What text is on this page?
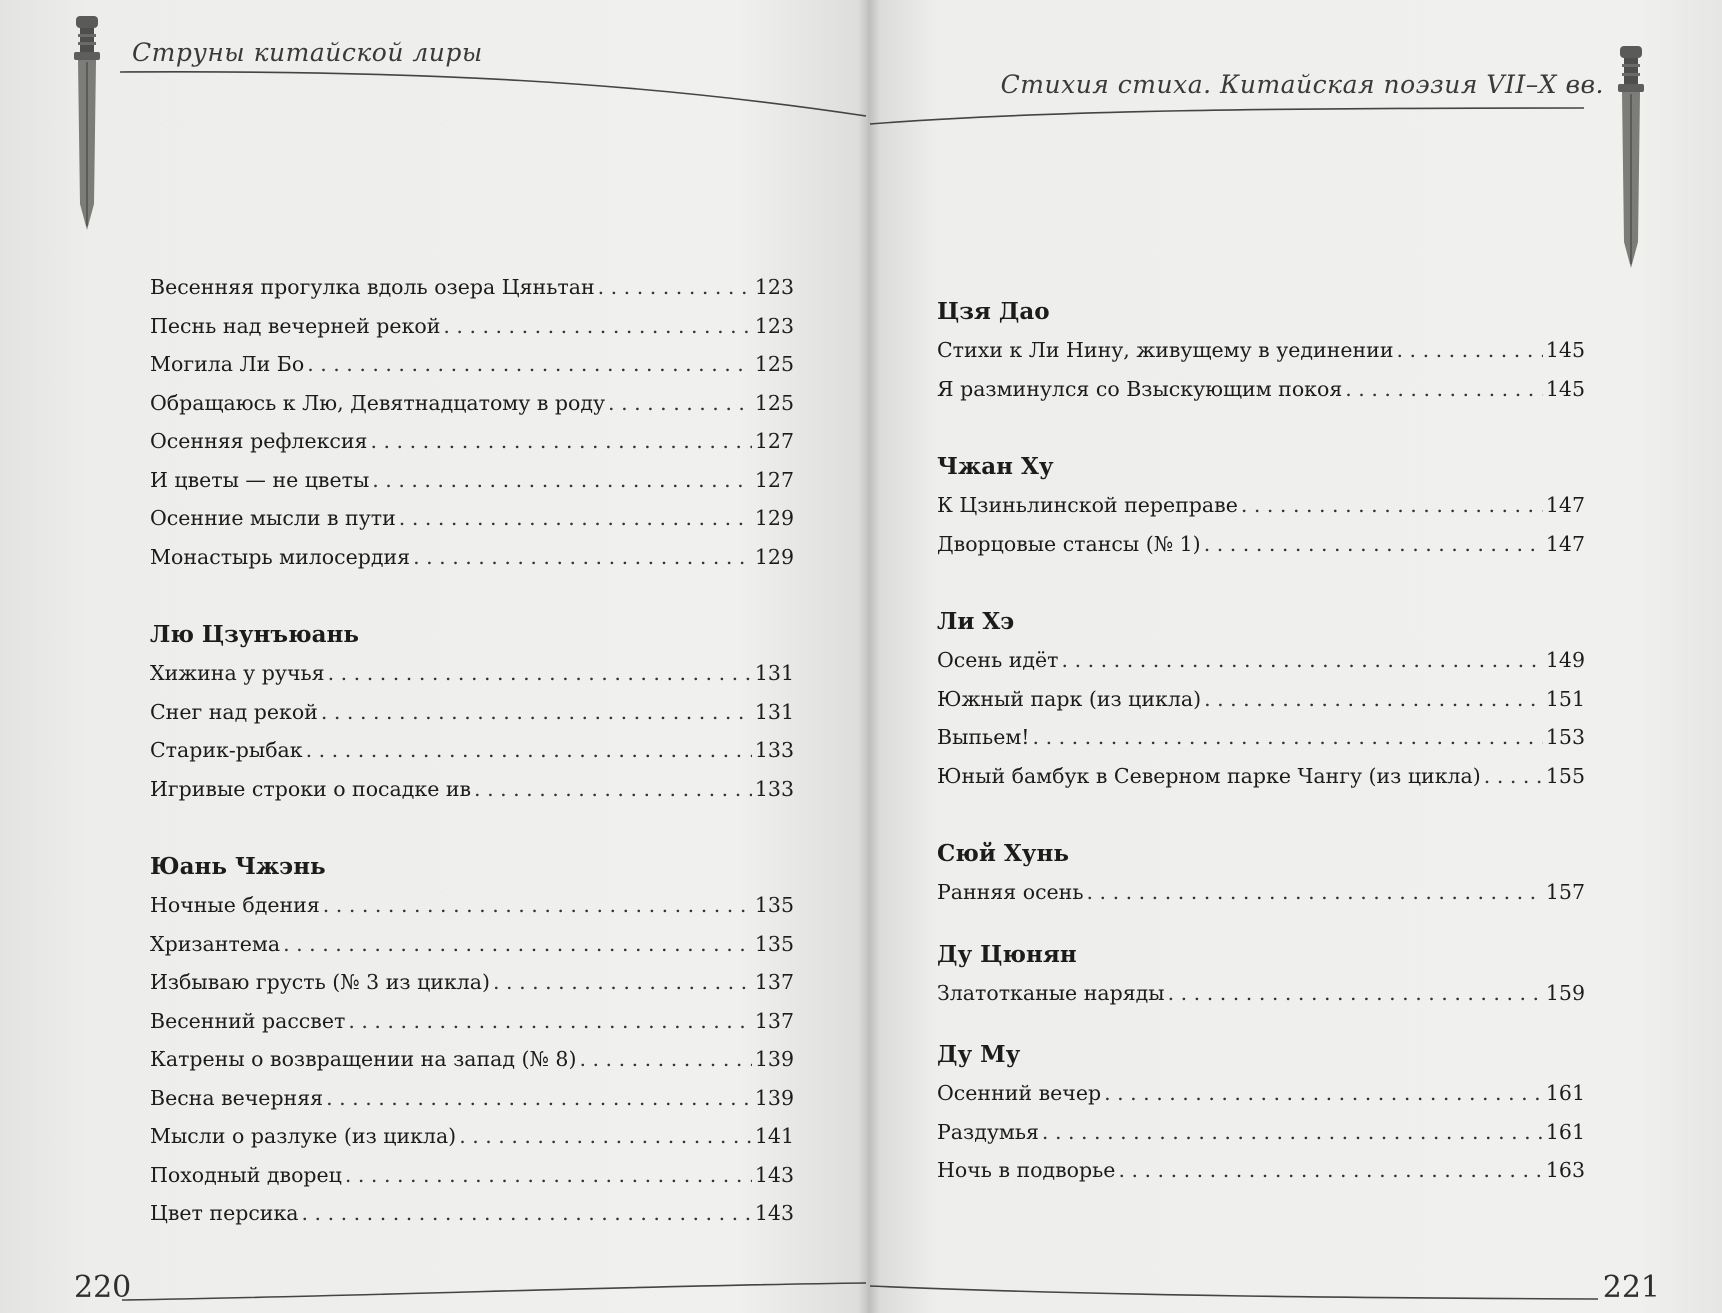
Струны китайской лиры
Весенняя прогулка вдоль озера Цяньтан . . .	123
Песнь над вечерней рекой . . .	123
Могила Ли Бо . . .	125
Обращаюсь к Лю, Девятнадцатому в роду . . .	125
Осенняя рефлексия . . .	127
И цветы — не цветы . . .	127
Осенние мысли в пути . . .	129
Монастырь милосердия . . .	129
Лю Цзунъюань
Хижина у ручья . . .	131
Снег над рекой . . .	131
Старик-рыбак . . .	133
Игривые строки о посадке ив . . .	133
Юань Чжэнь
Ночные бдения . . .	135
Хризантема . . .	135
Избываю грусть (№ 3 из цикла) . . .	137
Весенний рассвет . . .	137
Катрены о возвращении на запад (№ 8) . . .	139
Весна вечерняя . . .	139
Мысли о разлуке (из цикла) . . .	141
Походный дворец . . .	143
Цвет персика . . .	143
220
Стихия стиха. Китайская поэзия VII–X вв.
Цзя Дао
Стихи к Ли Нину, живущему в уединении . . .	145
Я разминулся со Взыскующим покоя . . .	145
Чжан Ху
К Цзиньлинской переправе . . .	147
Дворцовые стансы (№ 1) . . .	147
Ли Хэ
Осень идёт . . .	149
Южный парк (из цикла) . . .	151
Выпьем! . . .	153
Юный бамбук в Северном парке Чангу (из цикла) . . .	155
Сюй Хунь
Ранняя осень . . .	157
Ду Цюнян
Златотканые наряды . . .	159
Ду Му
Осенний вечер . . .	161
Раздумья . . .	161
Ночь в подворье . . .	163
221
